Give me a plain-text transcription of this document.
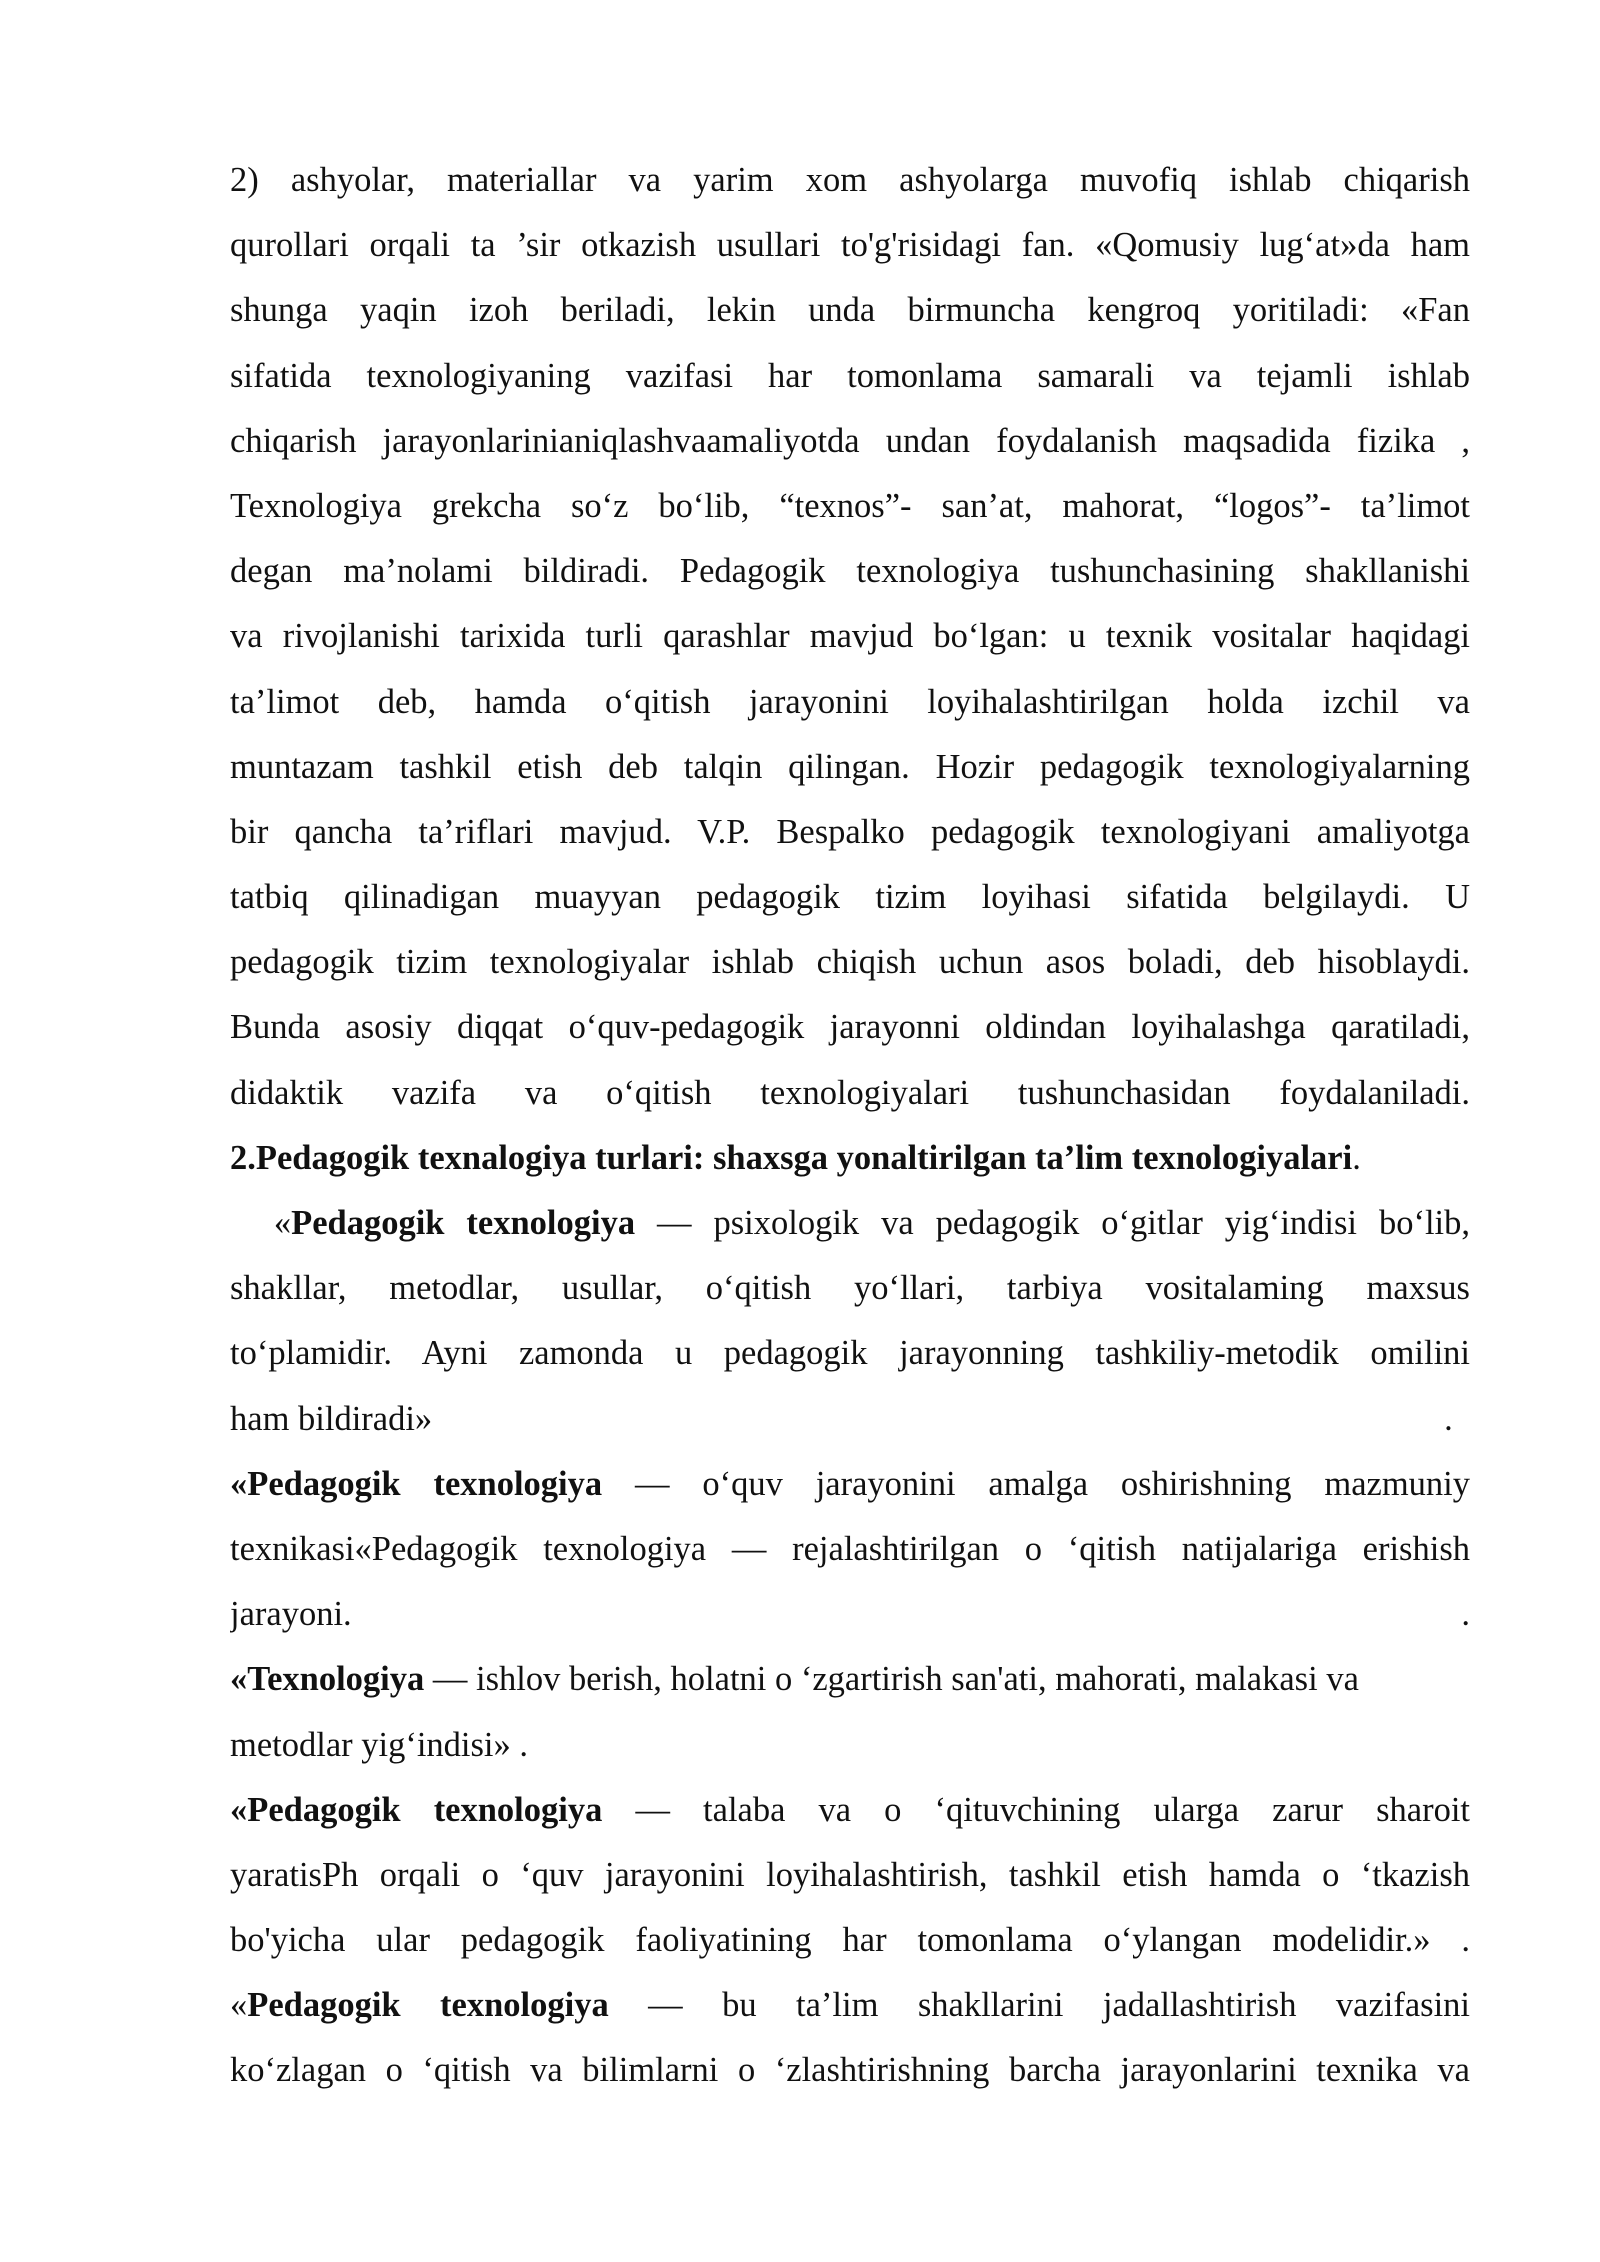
2) ashyolar, materiallar va yarim xom ashyolarga muvofiq ishlab chiqarish
qurollari orqali ta ’sir otkazish usullari to'g'risidagi fan. «Qomusiy lug‘at»da ham
shunga yaqin izoh beriladi, lekin unda birmuncha kengroq yoritiladi: «Fan
sifatida texnologiyaning vazifasi har tomonlama samarali va tejamli ishlab
chiqarish jarayonlarinianiqlashvaamaliyotda undan foydalanish maqsadida fizika ,
Texnologiya grekcha so‘z bo‘lib, “texnos”- san’at, mahorat, “logos”- ta’limot
degan ma’nolami bildiradi. Pedagogik texnologiya tushunchasining shakllanishi
va rivojlanishi tarixida turli qarashlar mavjud bo‘lgan: u texnik vositalar haqidagi
ta’limot deb, hamda o‘qitish jarayonini loyihalashtirilgan holda izchil va
muntazam tashkil etish deb talqin qilingan. Hozir pedagogik texnologiyalarning
bir qancha ta’riflari mavjud. V.P. Bespalko pedagogik texnologiyani amaliyotga
tatbiq qilinadigan muayyan pedagogik tizim loyihasi sifatida belgilaydi. U
pedagogik tizim texnologiyalar ishlab chiqish uchun asos boladi, deb hisoblaydi.
Bunda asosiy diqqat o‘quv-pedagogik jarayonni oldindan loyihalashga qaratiladi,
didaktik vazifa va o‘qitish texnologiyalari tushunchasidan foydalaniladi.
2.Pedagogik texnalogiya turlari: shaxsga yonaltirilgan ta’lim texnologiyalari.
«Pedagogik texnologiya — psixologik va pedagogik o‘gitlar yig‘indisi bo‘lib,
shakllar, metodlar, usullar, o‘qitish yo‘llari, tarbiya vositalaming maxsus
to‘plamidir. Ayni zamonda u pedagogik jarayonning tashkiliy-metodik omilini
ham bildiradi»	.
«Pedagogik texnologiya — o‘quv jarayonini amalga oshirishning mazmuniy
texnikasi«Pedagogik texnologiya — rejalashtirilgan o ‘qitish natijalariga erishish
jarayoni.	.
«Texnologiya — ishlov berish, holatni o ‘zgartirish san'ati, mahorati, malakasi va
metodlar yig‘indisi» .
«Pedagogik texnologiya — talaba va o ‘qituvchining ularga zarur sharoit
yaratisPh orqali o ‘quv jarayonini loyihalashtirish, tashkil etish hamda o ‘tkazish
bo'yicha ular pedagogik faoliyatining har tomonlama o‘ylangan modelidir.» .
«Pedagogik texnologiya — bu ta’lim shakllarini jadallashtirish vazifasini
ko‘zlagan o ‘qitish va bilimlarni o ‘zlashtirishning barcha jarayonlarini texnika va
